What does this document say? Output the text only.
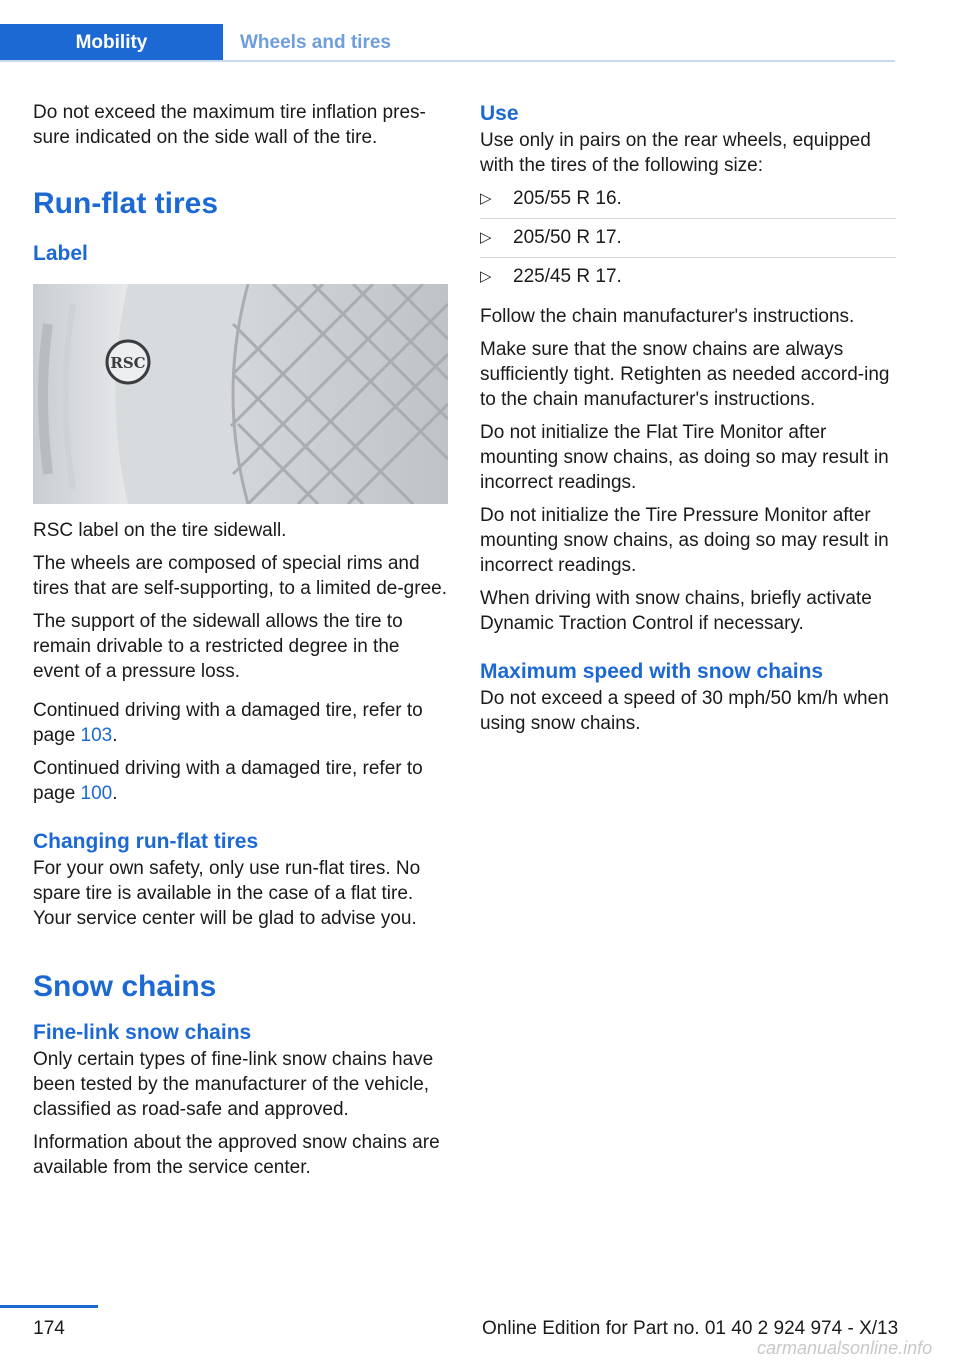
Mobility	Wheels and tires

Do not exceed the maximum tire inflation pres-sure indicated on the side wall of the tire.

Run-flat tires
Label
RSC

RSC label on the tire sidewall.

The wheels are composed of special rims and tires that are self-supporting, to a limited de-gree.

The support of the sidewall allows the tire to remain drivable to a restricted degree in the event of a pressure loss.

Continued driving with a damaged tire, refer to page 103.

Continued driving with a damaged tire, refer to page 100.

Changing run-flat tires

For your own safety, only use run-flat tires. No spare tire is available in the case of a flat tire. Your service center will be glad to advise you.

Snow chains
Fine-link snow chains

Only certain types of fine-link snow chains have been tested by the manufacturer of the vehicle, classified as road-safe and approved.

Information about the approved snow chains are available from the service center.

Use

Use only in pairs on the rear wheels, equipped with the tires of the following size:

▷ 205/55 R 16.
▷ 205/50 R 17.
▷ 225/45 R 17.

Follow the chain manufacturer's instructions.

Make sure that the snow chains are always sufficiently tight. Retighten as needed accord-ing to the chain manufacturer's instructions.

Do not initialize the Flat Tire Monitor after mounting snow chains, as doing so may result in incorrect readings.

Do not initialize the Tire Pressure Monitor after mounting snow chains, as doing so may result in incorrect readings.

When driving with snow chains, briefly activate Dynamic Traction Control if necessary.

Maximum speed with snow chains

Do not exceed a speed of 30 mph/50 km/h when using snow chains.

174	Online Edition for Part no. 01 40 2 924 974 - X/13
carmanualsonline.info
